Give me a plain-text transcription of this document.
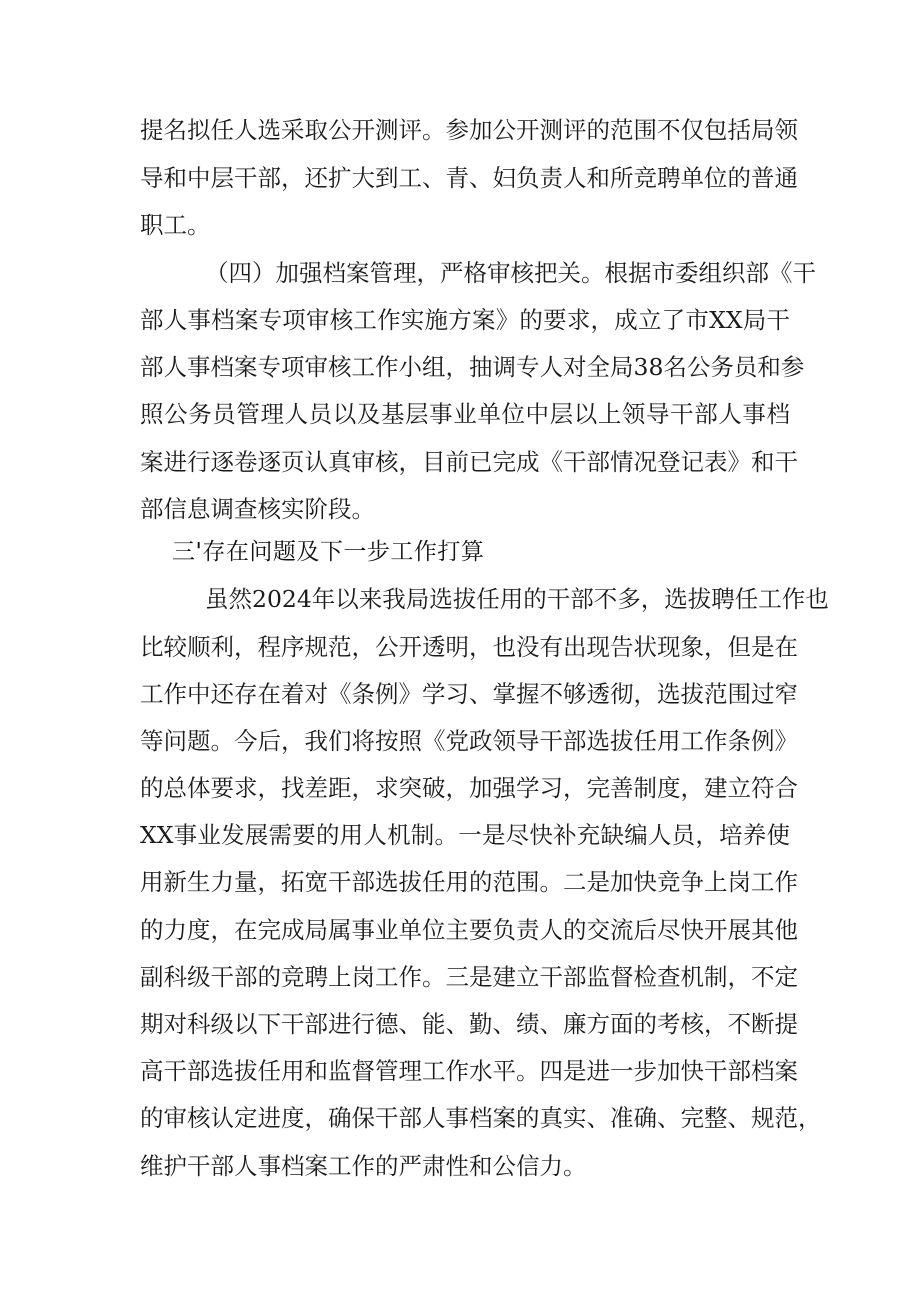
提名拟任人选采取公开测评。参加公开测评的范围不仅包括局领
导和中层干部，还扩大到工、青、妇负责人和所竞聘单位的普通
职工。
（四）加强档案管理，严格审核把关。根据市委组织部《干
部人事档案专项审核工作实施方案》的要求，成立了市XX局干
部人事档案专项审核工作小组，抽调专人对全局38名公务员和参
照公务员管理人员以及基层事业单位中层以上领导干部人事档
案进行逐卷逐页认真审核，目前已完成《干部情况登记表》和干
部信息调查核实阶段。
三'存在问题及下一步工作打算
虽然2024年以来我局选拔任用的干部不多，选拔聘任工作也
比较顺利，程序规范，公开透明，也没有出现告状现象，但是在
工作中还存在着对《条例》学习、掌握不够透彻，选拔范围过窄
等问题。今后，我们将按照《党政领导干部选拔任用工作条例》
的总体要求，找差距，求突破，加强学习，完善制度，建立符合
XX事业发展需要的用人机制。一是尽快补充缺编人员，培养使
用新生力量，拓宽干部选拔任用的范围。二是加快竞争上岗工作
的力度，在完成局属事业单位主要负责人的交流后尽快开展其他
副科级干部的竞聘上岗工作。三是建立干部监督检查机制，不定
期对科级以下干部进行德、能、勤、绩、廉方面的考核，不断提
高干部选拔任用和监督管理工作水平。四是进一步加快干部档案
的审核认定进度，确保干部人事档案的真实、准确、完整、规范，
维护干部人事档案工作的严肃性和公信力。
